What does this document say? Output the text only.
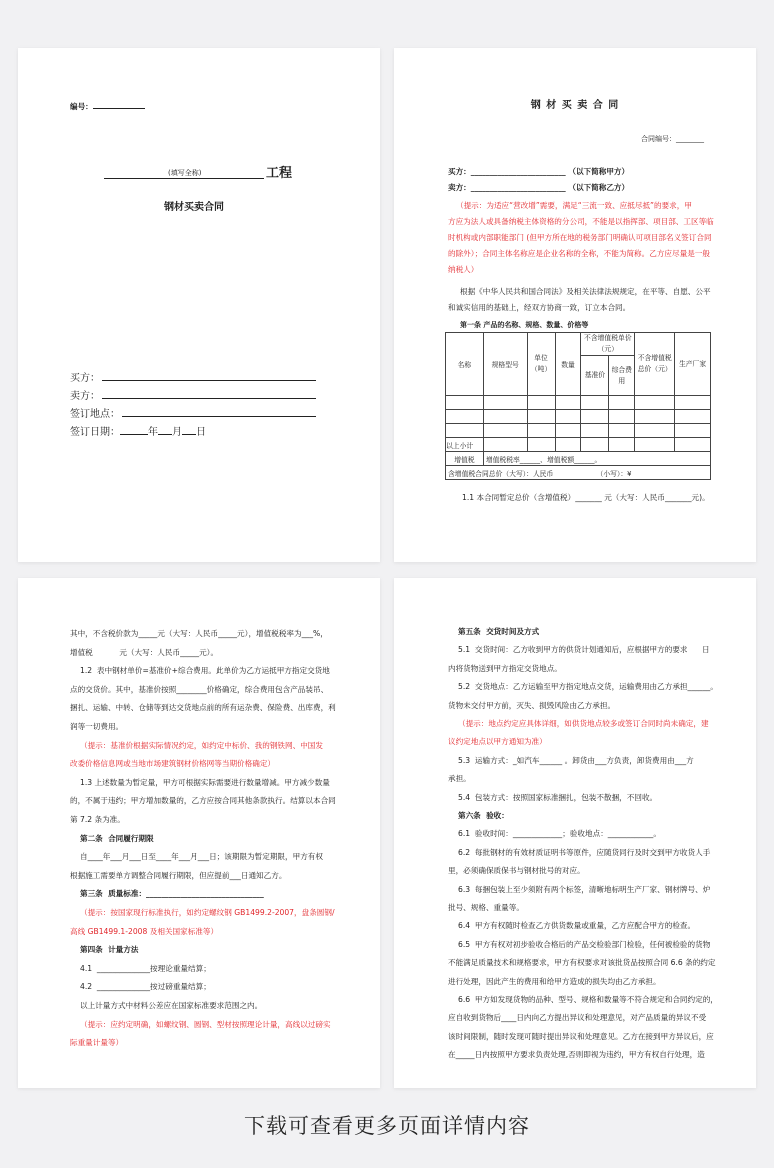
编号：
(填写全称)	工程
钢材买卖合同
买方：
卖方：
签订地点：
签订日期：	年 月 日
钢 材 买 卖 合 同
合同编号：________
买方：_________________________ （以下简称甲方）
卖方：_________________________ （以下简称乙方）
（提示：为适应“营改增”需要，满足“三流一致、应抵尽抵”的要求，甲
方应为法人或具备纳税主体资格的分公司，不能是以指挥部、项目部、工区等临
时机构或内部职能部门 (但甲方所在地的税务部门明确认可项目部名义签订合同
的除外）；合同主体名称应是企业名称的全称，不能为简称。乙方应尽量是一般
纳税人）
根据《中华人民共和国合同法》及相关法律法规规定，在平等、自愿、公平
和诚实信用的基础上，经双方协商一致，订立本合同。
第一条 产品的名称、规格、数量、价格等
名称	规格型号	单位（吨）	数量	不含增值税单价（元）		不含增值税总价（元）	生产厂家
				基准价	综合费用		

以上小计							
增值税	增值税税率______、增值税额______。						
含增值税合同总价（大写）：人民币                    （小写）：¥							
1.1 本合同暂定总价（含增值税）_______ 元（大写：人民币_______元)。
其中，不含税价款为_____元（大写：人民币_____元），增值税税率为___%，
增值税           元（大写：人民币_____元）。
1.2  表中钢材单价=基准价+综合费用。此单价为乙方运抵甲方指定交货地
点的交货价。其中，基准价按照________价格确定，综合费用包含产品装吊、
捆扎、运输、中转、仓储等到达交货地点前的所有运杂费、保险费、出库费，利
润等一切费用。
（提示：基准价根据实际情况约定，如约定中标价、我的钢铁网、中国发
改委价格信息网或当地市场建筑钢材价格网等当期价格确定）
1.3 上述数量为暂定量，甲方可根据实际需要进行数量增减。甲方减少数量
的，不属于违约；甲方增加数量的，乙方应按合同其他条款执行。结算以本合同
第 7.2 条为准。
第二条  合同履行期限
自____年___月___日至____年___月___日；该期限为暂定期限，甲方有权
根据施工需要单方调整合同履行期限，但应提前___日通知乙方。
第三条  质量标准：_______________________________
（提示：按国家现行标准执行，如约定螺纹钢 GB1499.2-2007，盘条圆钢/
高线 GB1499.1-2008 及相关国家标准等）
第四条  计量方法
4.1  ______________按理论重量结算；
4.2  ______________按过磅重量结算；
以上计量方式中材料公差应在国家标准要求范围之内。
（提示：应约定明确，如螺纹钢、圆钢、型材按照理论计量，高线以过磅实
际重量计量等）
第五条  交货时间及方式
5.1  交货时间：乙方收到甲方的供货计划通知后，应根据甲方的要求      日
内将货物送到甲方指定交货地点。
5.2  交货地点：乙方运输至甲方指定地点交货，运输费用由乙方承担______。
货物未交付甲方前，灭失、损毁风险由乙方承担。
（提示：地点约定应具体详细，如供货地点较多或签订合同时尚未确定，建
议约定地点以甲方通知为准）
5.3  运输方式：_如汽车______ 。卸货由___方负责，卸货费用由___方
承担。
5.4  包装方式：按照国家标准捆扎，包装不散捆，不回收。
第六条  验收：
6.1  验收时间：_____________；验收地点：____________。
6.2  每批钢材的有效材质证明书等原件，应随货同行及时交到甲方收货人手
里，必须确保质保书与钢材批号的对应。
6.3  每捆包装上至少须附有两个标签，清晰地标明生产厂家、钢材牌号、炉
批号、规格、重量等。
6.4  甲方有权随时检查乙方供货数量或重量，乙方应配合甲方的检查。
6.5  甲方有权对初步验收合格后的产品交检验部门检验，任何被检验的货物
不能满足质量技术和规格要求，甲方有权要求对该批货品按照合同 6.6 条的约定
进行处理，因此产生的费用和给甲方造成的损失均由乙方承担。
6.6  甲方如发现货物的品种、型号、规格和数量等不符合规定和合同约定的，
应自收到货物后____日内向乙方提出异议和处理意见，对产品质量的异议不受
该时间限制，随时发现可随时提出异议和处理意见。乙方在接到甲方异议后，应
在_____日内按照甲方要求负责处理,否则即视为违约，甲方有权自行处理，造
下载可查看更多页面详情内容
